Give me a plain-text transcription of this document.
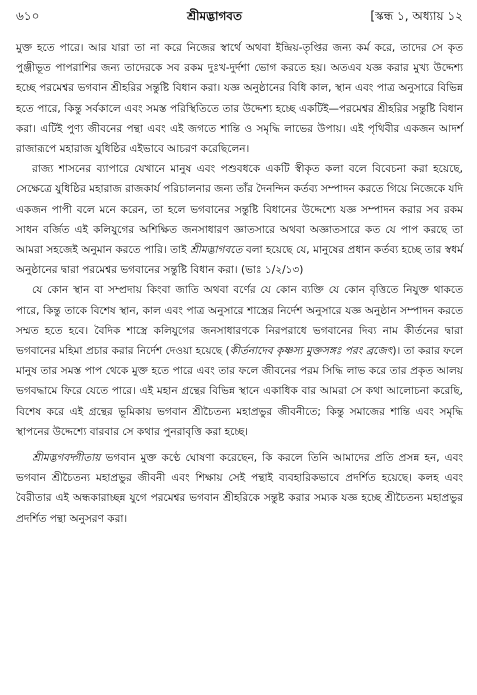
৬১০	শ্রীমদ্ভাগবত	[স্কন্ধ ১, অধ্যায় ১২

মুক্ত হতে পারে। আর যারা তা না করে নিজের স্বার্থে অথবা ইন্দ্রিয়-তৃপ্তির জন্য কর্ম করে, তাদের সে কৃত পুঞ্জীভূত পাপরাশির জন্য তাদেরকে সব রকম দুঃখ-দুর্দশা ভোগ করতে হয়। অতএব যজ্ঞ করার মুখ্য উদ্দেশ্য হচ্ছে পরমেশ্বর ভগবান শ্রীহরির সন্তুষ্টি বিধান করা। যজ্ঞ অনুষ্ঠানের বিধি কাল, স্থান এবং পাত্র অনুসারে বিভিন্ন হতে পারে, কিন্তু সর্বকালে এবং সমস্ত পরিস্থিতিতে তার উদ্দেশ্য হচ্ছে একটিই—পরমেশ্বর শ্রীহরির সন্তুষ্টি বিধান করা। এটিই পুণ্য জীবনের পন্থা এবং এই জগতে শান্তি ও সমৃদ্ধি লাভের উপায়। এই পৃথিবীর একজন আদর্শ রাজারূপে মহারাজ যুধিষ্ঠির এইভাবে আচরণ করেছিলেন।

রাজ্য শাসনের ব্যাপারে যেখানে মানুষ এবং পশুবধকে একটি স্বীকৃত কলা বলে বিবেচনা করা হয়েছে, সেক্ষেত্রে যুধিষ্ঠির মহারাজ রাজকার্য পরিচালনার জন্য তাঁর দৈনন্দিন কর্তব্য সম্পাদন করতে গিয়ে নিজেকে যদি একজন পাপী বলে মনে করেন, তা হলে ভগবানের সন্তুষ্টি বিধানের উদ্দেশ্যে যজ্ঞ সম্পাদন করার সব রকম সাধন বর্জিত এই কলিযুগের অশিক্ষিত জনসাধারণ জ্ঞাতসারে অথবা অজ্ঞাতসারে কত যে পাপ করছে তা আমরা সহজেই অনুমান করতে পারি। তাই শ্রীমদ্ভাগবতে বলা হয়েছে যে, মানুষের প্রধান কর্তব্য হচ্ছে তার স্বধর্ম অনুষ্ঠানের দ্বারা পরমেশ্বর ভগবানের সন্তুষ্টি বিধান করা। (ভাঃ ১/২/১৩)

যে কোন স্থান বা সম্প্রদায় কিংবা জাতি অথবা বর্ণের যে কোন ব্যক্তি যে কোন বৃত্তিতে নিযুক্ত থাকতে পারে, কিন্তু তাকে বিশেষ স্থান, কাল এবং পাত্র অনুসারে শাস্ত্রের নির্দেশ অনুসারে যজ্ঞ অনুষ্ঠান সম্পাদন করতে সম্মত হতে হবে। বৈদিক শাস্ত্রে কলিযুগের জনসাধারণকে নিরপরাধে ভগবানের দিব্য নাম কীর্তনের দ্বারা ভগবানের মহিমা প্রচার করার নির্দেশ দেওয়া হয়েছে (কীর্তনাদেব কৃষ্ণস্য মুক্তসঙ্গঃ পরং ব্রজেৎ)। তা করার ফলে মানুষ তার সমস্ত পাপ থেকে মুক্ত হতে পারে এবং তার ফলে জীবনের পরম সিদ্ধি লাভ করে তার প্রকৃত আলয় ভগবদ্ধামে ফিরে যেতে পারে। এই মহান গ্রন্থের বিভিন্ন স্থানে একাধিক বার আমরা সে কথা আলোচনা করেছি, বিশেষ করে এই গ্রন্থের ভূমিকায় ভগবান শ্রীচৈতন্য মহাপ্রভুর জীবনীতে; কিন্তু সমাজের শান্তি এবং সমৃদ্ধি স্থাপনের উদ্দেশ্যে বারবার সে কথার পুনরাবৃত্তি করা হচ্ছে।

শ্রীমদ্ভগবদ্গীতায় ভগবান মুক্ত কণ্ঠে ঘোষণা করেছেন, কি করলে তিনি আমাদের প্রতি প্রসন্ন হন, এবং ভগবান শ্রীচৈতন্য মহাপ্রভুর জীবনী এবং শিক্ষায় সেই পন্থাই ব্যবহারিকভাবে প্রদর্শিত হয়েছে। কলহ এবং বৈরীতার এই অন্ধকারাচ্ছন্ন যুগে পরমেশ্বর ভগবান শ্রীহরিকে সন্তুষ্ট করার সম্যক যজ্ঞ হচ্ছে শ্রীচৈতন্য মহাপ্রভুর প্রদর্শিত পন্থা অনুসরণ করা।
